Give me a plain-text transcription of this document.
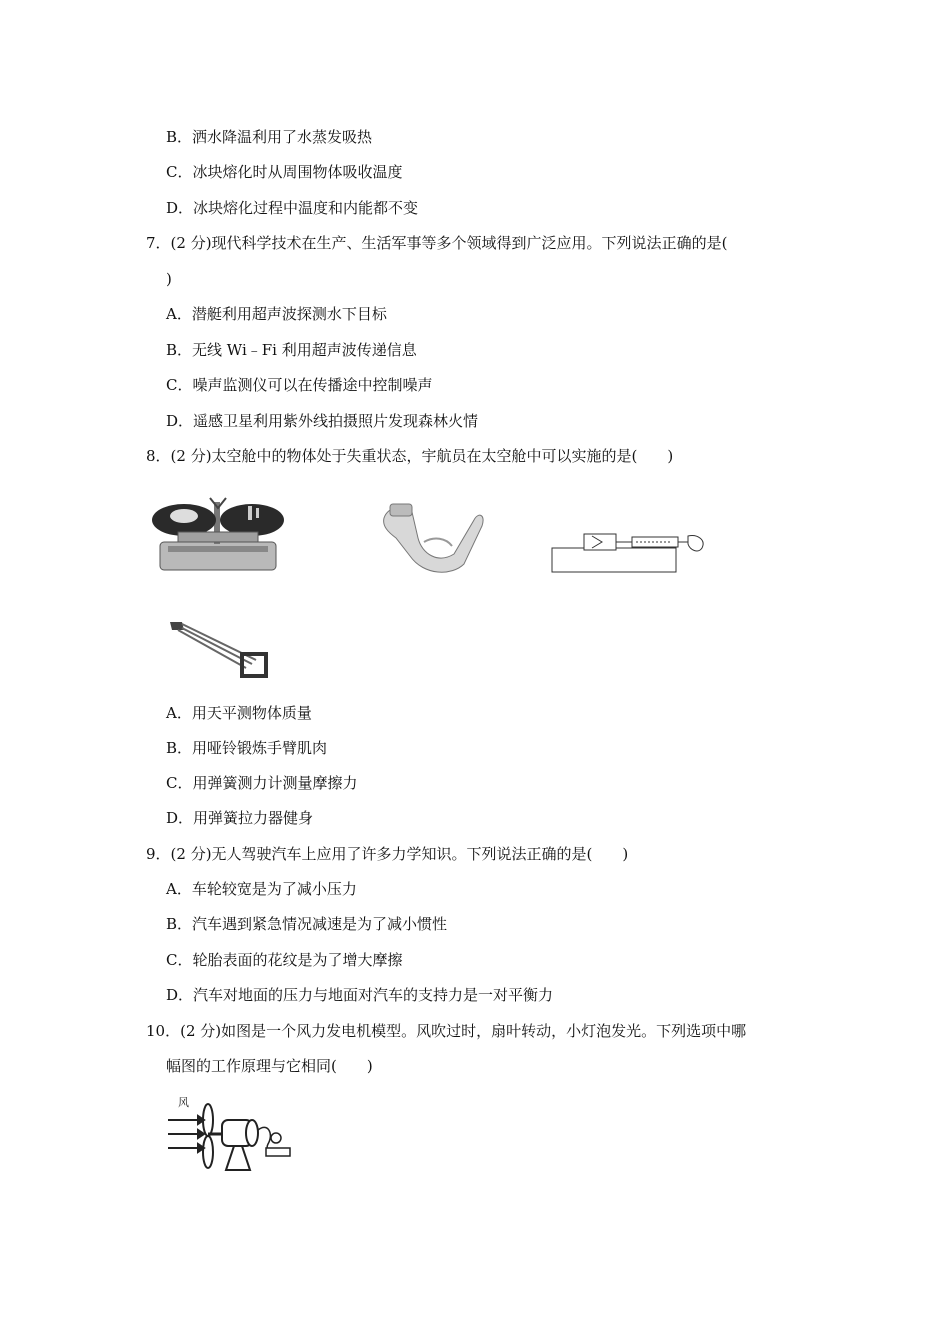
B．洒水降温利用了水蒸发吸热
C．冰块熔化时从周围物体吸收温度
D．冰块熔化过程中温度和内能都不变
7．(2 分)现代科学技术在生产、生活军事等多个领域得到广泛应用。下列说法正确的是(
)
A．潜艇利用超声波探测水下目标
B．无线 Wi﹣Fi 利用超声波传递信息
C．噪声监测仪可以在传播途中控制噪声
D．遥感卫星利用紫外线拍摄照片发现森林火情
8．(2 分)太空舱中的物体处于失重状态，宇航员在太空舱中可以实施的是(　　)
A．用天平测物体质量
B．用哑铃锻炼手臂肌肉
C．用弹簧测力计测量摩擦力
D．用弹簧拉力器健身
9．(2 分)无人驾驶汽车上应用了许多力学知识。下列说法正确的是(　　)
A．车轮较宽是为了减小压力
B．汽车遇到紧急情况减速是为了减小惯性
C．轮胎表面的花纹是为了增大摩擦
D．汽车对地面的压力与地面对汽车的支持力是一对平衡力
10．(2 分)如图是一个风力发电机模型。风吹过时，扇叶转动，小灯泡发光。下列选项中哪
幅图的工作原理与它相同(　　)
风
